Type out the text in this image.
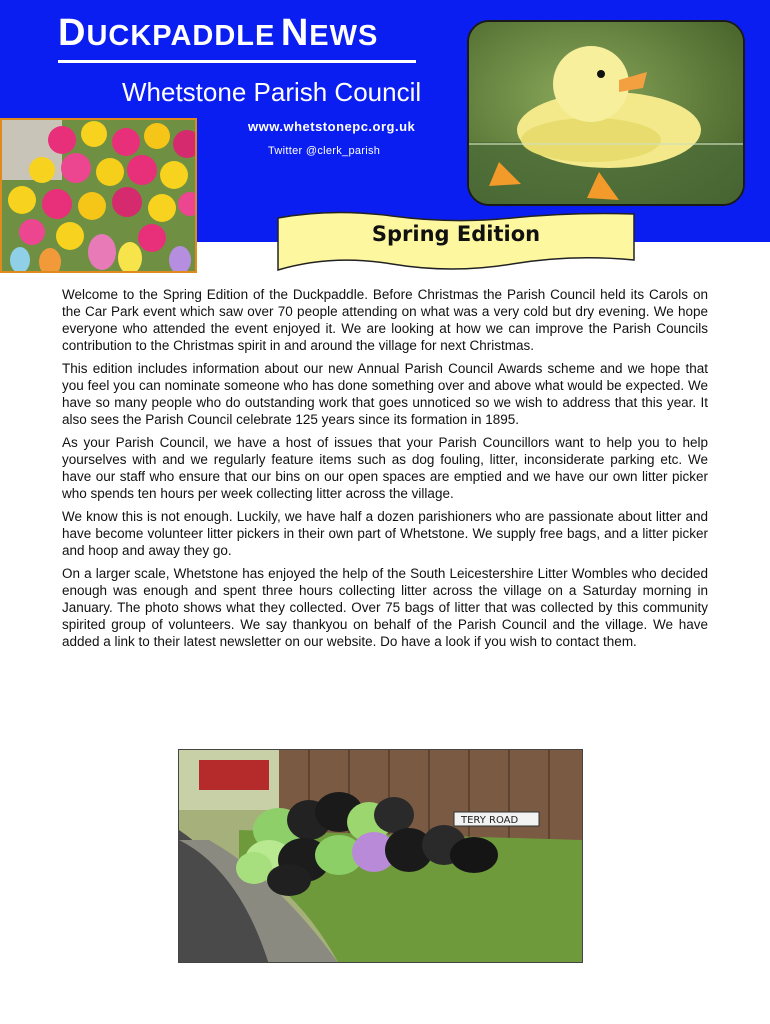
DUCKPADDLE NEWS
Whetstone Parish Council
www.whetstonepc.org.uk
Twitter @clerk_parish
Spring Edition

Welcome to the Spring Edition of the Duckpaddle. Before Christmas the Parish Council held its Carols on the Car Park event which saw over 70 people attending on what was a very cold but dry evening. We hope everyone who attended the event enjoyed it. We are looking at how we can improve the Parish Councils contribution to the Christmas spirit in and around the village for next Christmas.

This edition includes information about our new Annual Parish Council Awards scheme and we hope that you feel you can nominate someone who has done something over and above what would be expected. We have so many people who do outstanding work that goes unnoticed so we wish to address that this year. It also sees the Parish Council celebrate 125 years since its formation in 1895.

As your Parish Council, we have a host of issues that your Parish Councillors want to help you to help yourselves with and we regularly feature items such as dog fouling, litter, inconsiderate parking etc. We have our staff who ensure that our bins on our open spaces are emptied and we have our own litter picker who spends ten hours per week collecting litter across the village.

We know this is not enough. Luckily, we have half a dozen parishioners who are passionate about litter and have become volunteer litter pickers in their own part of Whetstone. We supply free bags, and a litter picker and hoop and away they go.

On a larger scale, Whetstone has enjoyed the help of the South Leicestershire Litter Wombles who decided enough was enough and spent three hours collecting litter across the village on a Saturday morning in January. The photo shows what they collected. Over 75 bags of litter that was collected by this community spirited group of volunteers. We say thankyou on behalf of the Parish Council and the village. We have added a link to their latest newsletter on our website. Do have a look if you wish to contact them.

TERY ROAD
